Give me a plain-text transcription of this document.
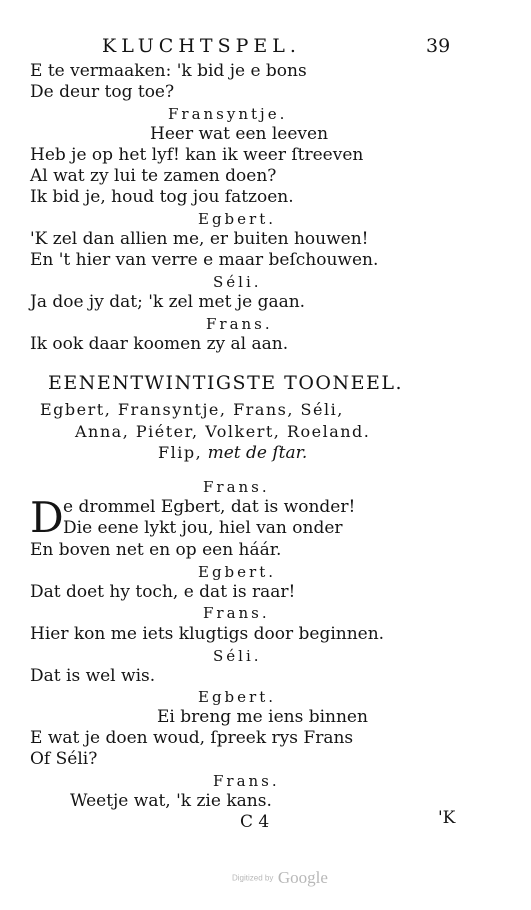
KLUCHTSPEL.	39
E te vermaaken: 'k bid je e bons
De deur tog toe?
Fransyntje.
Heer wat een leeven
Heb je op het lyf! kan ik weer ſtreeven
Al wat zy lui te zamen doen?
Ik bid je, houd tog jou fatzoen.
Egbert.
'K zel dan allien me, er buiten houwen!
En 't hier van verre e maar beſchouwen.
Séli.
Ja doe jy dat; 'k zel met je gaan.
Frans.
Ik ook daar koomen zy al aan.
EENENTWINTIGSTE TOONEEL.
Egbert, Fransyntje, Frans, Séli,
Anna, Piéter, Volkert, Roeland.
Flip, met de ſtar.
Frans.
D e drommel Egbert, dat is wonder!
Die eene lykt jou, hiel van onder
En boven net en op een háár.
Egbert.
Dat doet hy toch, e dat is raar!
Frans.
Hier kon me iets klugtigs door beginnen.
Séli.
Dat is wel wis.
Egbert.
Ei breng me iens binnen
E wat je doen woud, ſpreek rys Frans
Of Séli?
Frans.
Weetje wat, 'k zie kans.
C 4	'K
Digitized by Google
